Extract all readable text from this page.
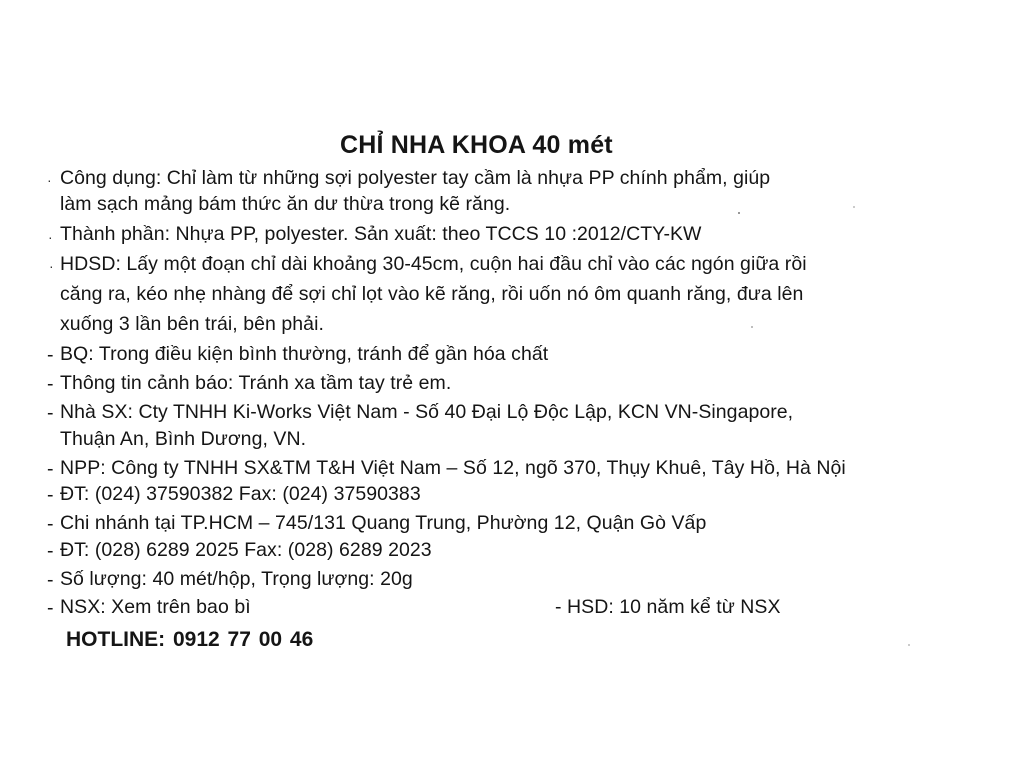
CHỈ NHA KHOA 40 mét
·
·
·
-
-
-
-
-
-
-
-
-
Công dụng: Chỉ làm từ những sợi polyester tay cầm là nhựa PP chính phẩm, giúp
làm sạch mảng bám thức ăn dư thừa trong kẽ răng.
Thành phần: Nhựa PP, polyester. Sản xuất: theo TCCS 10 :2012/CTY-KW
HDSD: Lấy một đoạn chỉ dài khoảng 30-45cm, cuộn hai đầu chỉ vào các ngón giữa rồi
căng ra, kéo nhẹ nhàng để sợi chỉ lọt vào kẽ răng, rồi uốn nó ôm quanh răng, đưa lên
xuống 3 lần bên trái, bên phải.
BQ: Trong điều kiện bình thường, tránh để gần hóa chất
Thông tin cảnh báo: Tránh xa tầm tay trẻ em.
Nhà SX: Cty TNHH Ki-Works Việt Nam - Số 40 Đại Lộ Độc Lập, KCN VN-Singapore,
Thuận An, Bình Dương, VN.
NPP: Công ty TNHH SX&TM T&H Việt Nam – Số 12, ngõ 370, Thụy Khuê, Tây Hồ, Hà Nội
ĐT: (024) 37590382 Fax: (024) 37590383
Chi nhánh tại TP.HCM – 745/131 Quang Trung, Phường 12, Quận Gò Vấp
ĐT: (028) 6289 2025 Fax: (028) 6289 2023
Số lượng: 40 mét/hộp, Trọng lượng: 20g
NSX: Xem trên bao bì	- HSD: 10 năm kể từ NSX
HOTLINE: 0912 77 00 46
